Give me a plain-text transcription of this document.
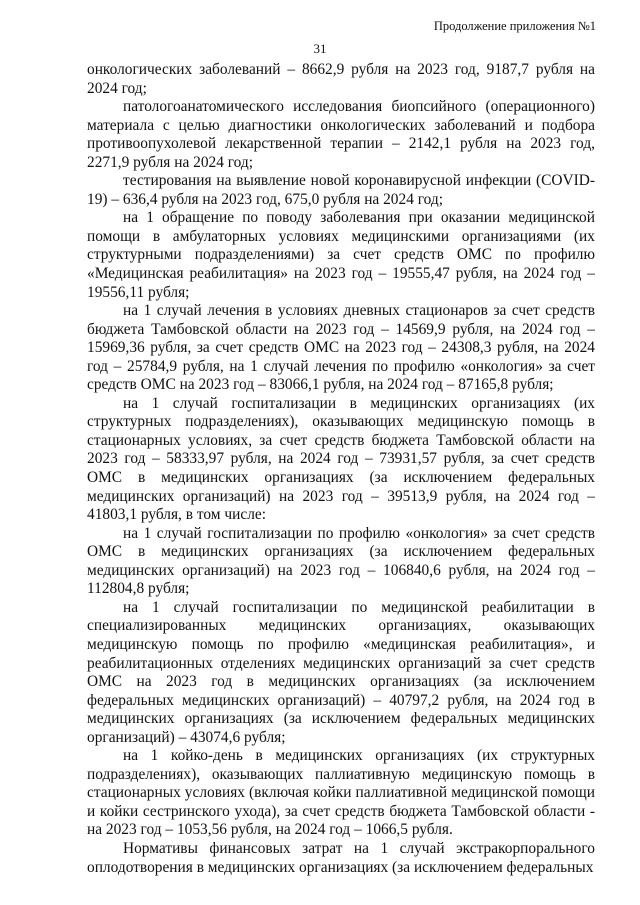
Продолжение приложения №1
31

онкологических заболеваний – 8662,9 рубля на 2023 год, 9187,7 рубля на 2024 год;

патологоанатомического исследования биопсийного (операционного) материала с целью диагностики онкологических заболеваний и подбора противоопухолевой лекарственной терапии – 2142,1 рубля на 2023 год, 2271,9 рубля на 2024 год;

тестирования на выявление новой коронавирусной инфекции (COVID-19) – 636,4 рубля на 2023 год, 675,0 рубля на 2024 год;

на 1 обращение по поводу заболевания при оказании медицинской помощи в амбулаторных условиях медицинскими организациями (их структурными подразделениями) за счет средств ОМС по профилю «Медицинская реабилитация» на 2023 год – 19555,47 рубля, на 2024 год – 19556,11 рубля;

на 1 случай лечения в условиях дневных стационаров за счет средств бюджета Тамбовской области на 2023 год – 14569,9 рубля, на 2024 год – 15969,36 рубля, за счет средств ОМС на 2023 год – 24308,3 рубля, на 2024 год – 25784,9 рубля, на 1 случай лечения по профилю «онкология» за счет средств ОМС на 2023 год – 83066,1 рубля, на 2024 год – 87165,8 рубля;

на 1 случай госпитализации в медицинских организациях (их структурных подразделениях), оказывающих медицинскую помощь в стационарных условиях, за счет средств бюджета Тамбовской области на 2023 год – 58333,97 рубля, на 2024 год – 73931,57 рубля, за счет средств ОМС в медицинских организациях (за исключением федеральных медицинских организаций) на 2023 год – 39513,9 рубля, на 2024 год – 41803,1 рубля, в том числе:

на 1 случай госпитализации по профилю «онкология» за счет средств ОМС в медицинских организациях (за исключением федеральных медицинских организаций) на 2023 год – 106840,6 рубля, на 2024 год – 112804,8 рубля;

на 1 случай госпитализации по медицинской реабилитации в специализированных медицинских организациях, оказывающих медицинскую помощь по профилю «медицинская реабилитация», и реабилитационных отделениях медицинских организаций за счет средств ОМС на 2023 год в медицинских организациях (за исключением федеральных медицинских организаций) – 40797,2 рубля, на 2024 год в медицинских организациях (за исключением федеральных медицинских организаций) – 43074,6 рубля;

на 1 койко-день в медицинских организациях (их структурных подразделениях), оказывающих паллиативную медицинскую помощь в стационарных условиях (включая койки паллиативной медицинской помощи и койки сестринского ухода), за счет средств бюджета Тамбовской области - на 2023 год – 1053,56 рубля, на 2024 год – 1066,5 рубля.

Нормативы финансовых затрат на 1 случай экстракорпорального оплодотворения в медицинских организациях (за исключением федеральных
